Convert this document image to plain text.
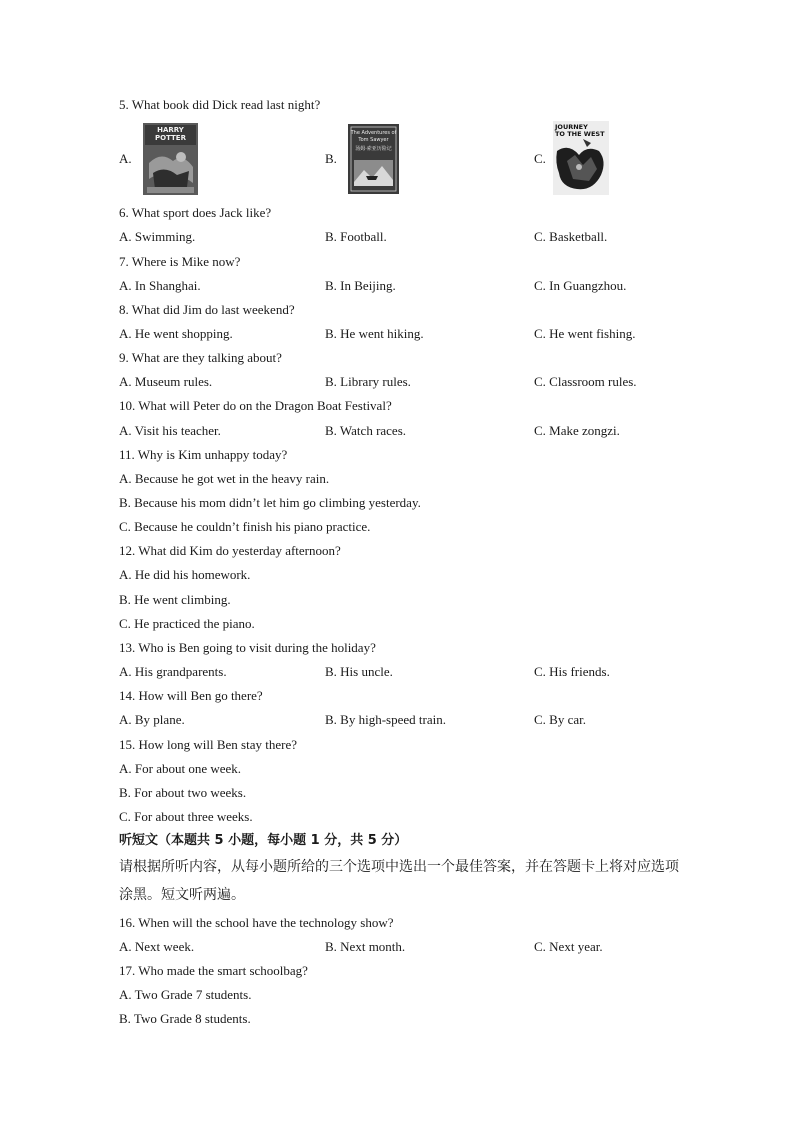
5. What book did Dick read last night?
A.
HARRY
POTTER
B.
The Adventures of
Tom Sawyer
汤姆·索亚历险记
C.
JOURNEY
TO THE WEST
6. What sport does Jack like?
A. Swimming.	B. Football.	C. Basketball.
7. Where is Mike now?
A. In Shanghai.	B. In Beijing.	C. In Guangzhou.
8. What did Jim do last weekend?
A. He went shopping.	B. He went hiking.	C. He went fishing.
9. What are they talking about?
A. Museum rules.	B. Library rules.	C. Classroom rules.
10. What will Peter do on the Dragon Boat Festival?
A. Visit his teacher.	B. Watch races.	C. Make zongzi.
11. Why is Kim unhappy today?
A. Because he got wet in the heavy rain.
B. Because his mom didn’t let him go climbing yesterday.
C. Because he couldn’t finish his piano practice.
12. What did Kim do yesterday afternoon?
A. He did his homework.
B. He went climbing.
C. He practiced the piano.
13. Who is Ben going to visit during the holiday?
A. His grandparents.	B. His uncle.	C. His friends.
14. How will Ben go there?
A. By plane.	B. By high-speed train.	C. By car.
15. How long will Ben stay there?
A. For about one week.
B. For about two weeks.
C. For about three weeks.
听短文（本题共 5 小题，每小题 1 分，共 5 分）
请根据所听内容，从每小题所给的三个选项中选出一个最佳答案，并在答题卡上将对应选项涂黑。短文听两遍。
16. When will the school have the technology show?
A. Next week.	B. Next month.	C. Next year.
17. Who made the smart schoolbag?
A. Two Grade 7 students.
B. Two Grade 8 students.
